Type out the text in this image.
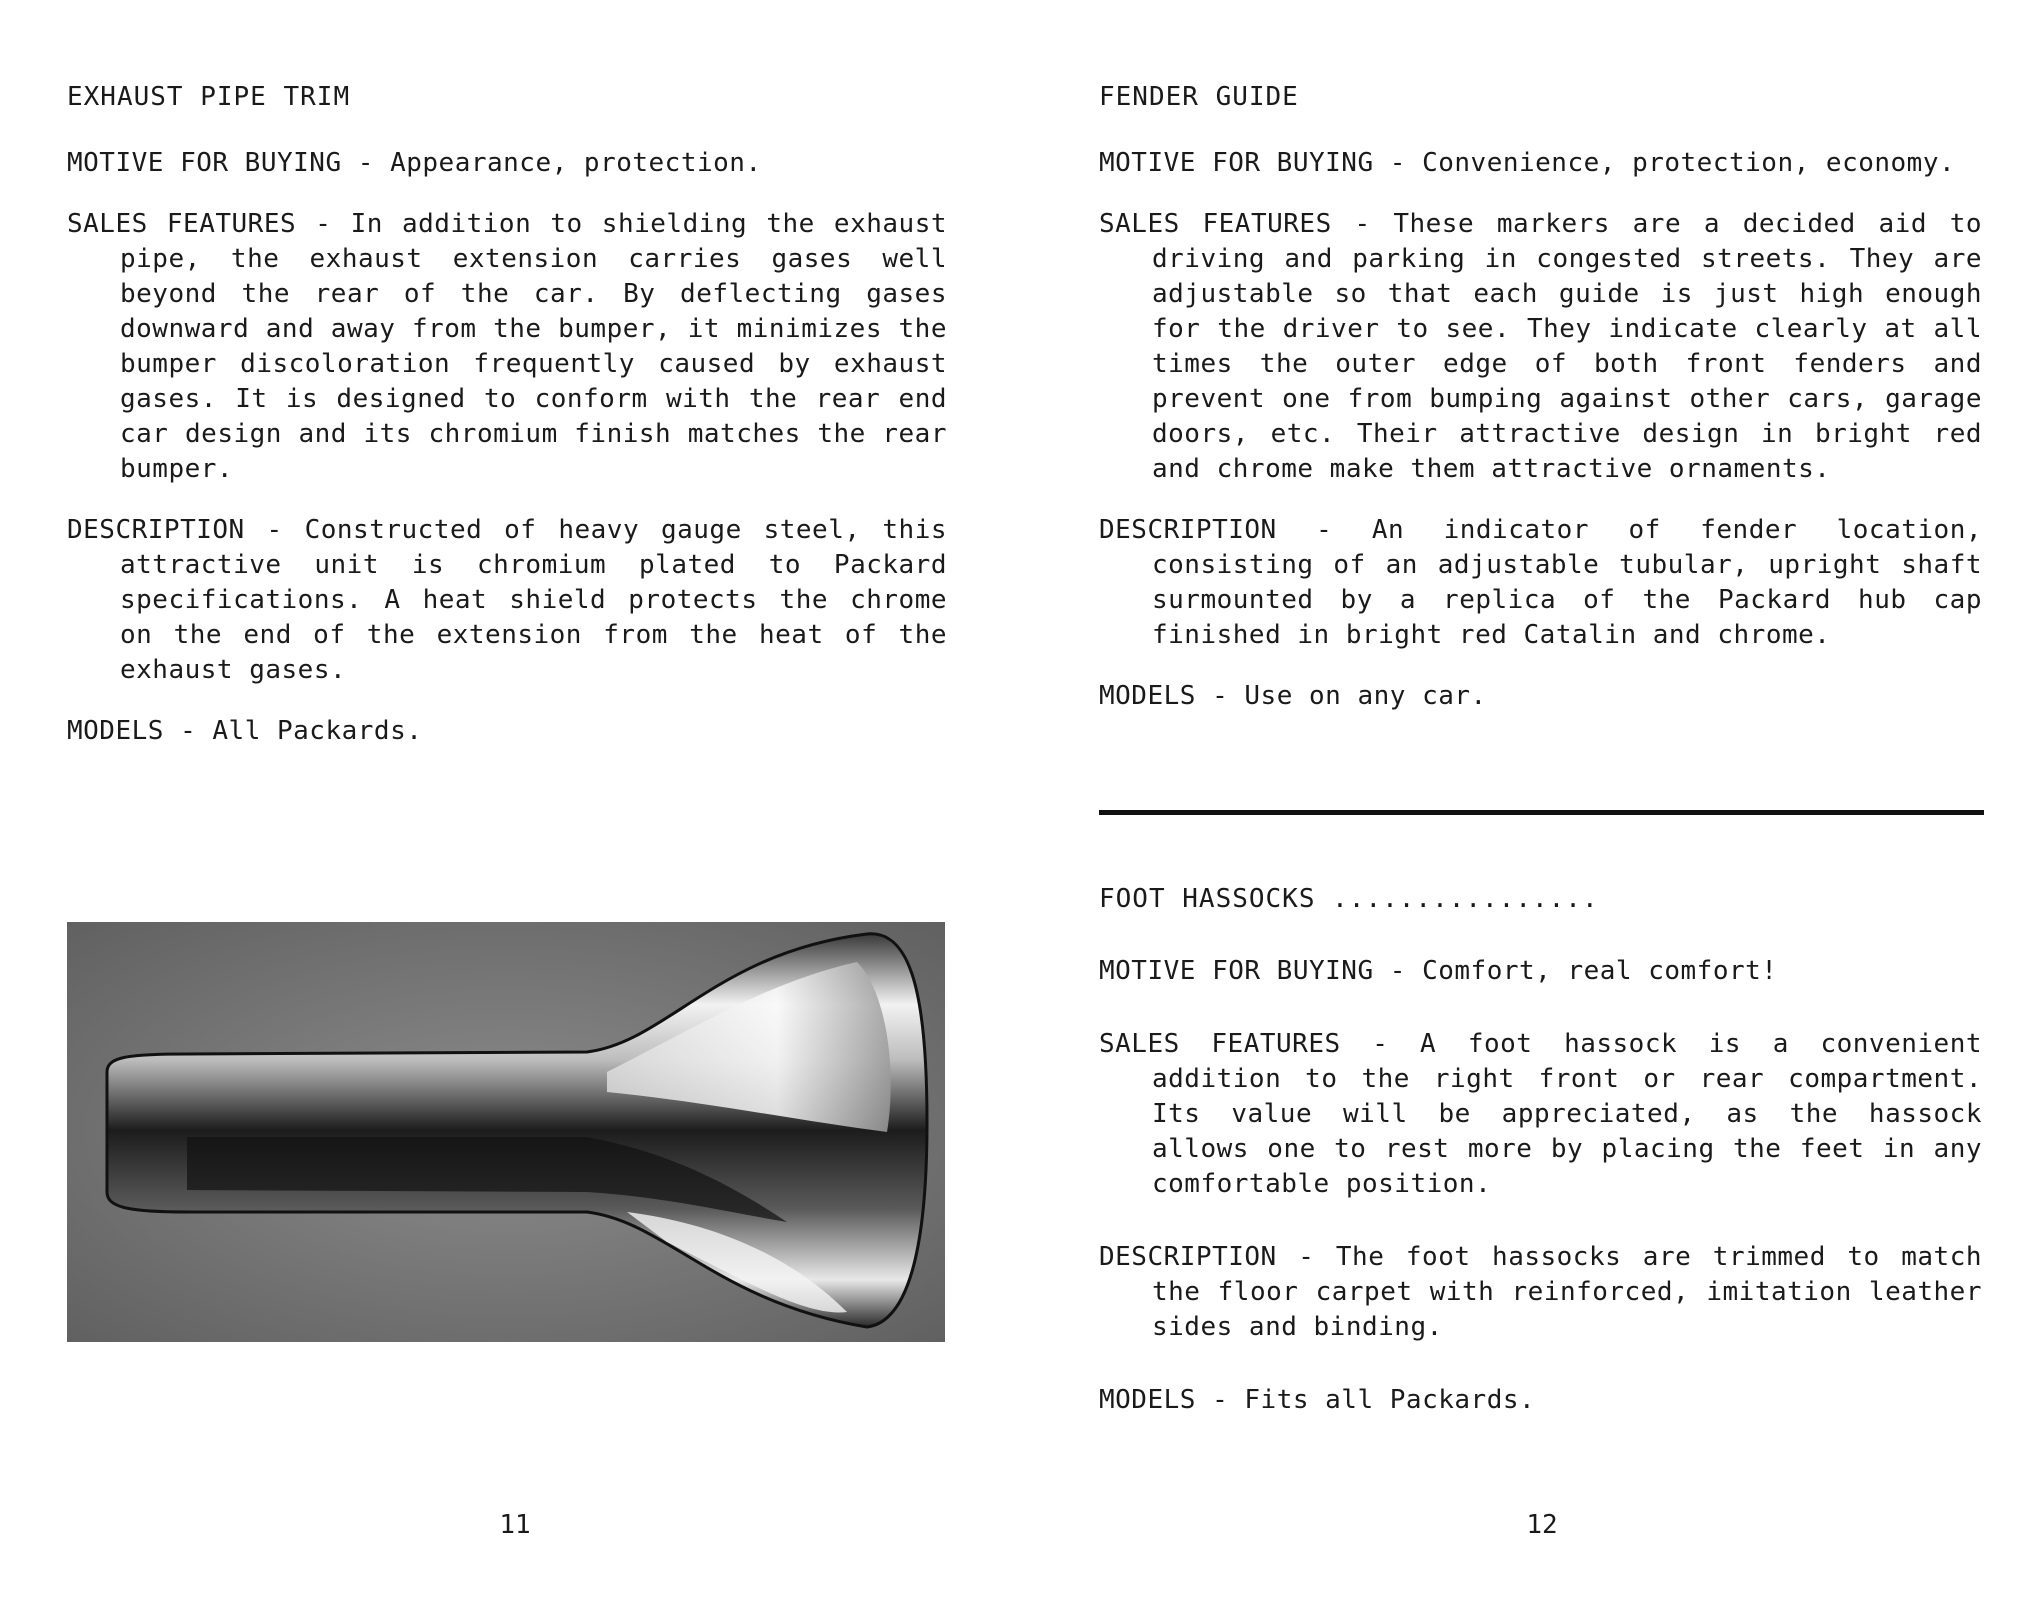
EXHAUST PIPE TRIM

MOTIVE FOR BUYING - Appearance, protection.

SALES FEATURES - In addition to shielding the exhaust pipe, the exhaust extension carries gases well beyond the rear of the car. By deflecting gases downward and away from the bumper, it minimizes the bumper discoloration frequently caused by exhaust gases. It is designed to conform with the rear end car design and its chromium finish matches the rear bumper.

DESCRIPTION - Constructed of heavy gauge steel, this attractive unit is chromium plated to Packard specifications. A heat shield protects the chrome on the end of the extension from the heat of the exhaust gases.

MODELS - All Packards.

11

FENDER GUIDE

MOTIVE FOR BUYING - Convenience, protection, economy.

SALES FEATURES - These markers are a decided aid to driving and parking in congested streets. They are adjustable so that each guide is just high enough for the driver to see. They indicate clearly at all times the outer edge of both front fenders and prevent one from bumping against other cars, garage doors, etc. Their attractive design in bright red and chrome make them attractive ornaments.

DESCRIPTION - An indicator of fender location, consisting of an adjustable tubular, upright shaft surmounted by a replica of the Packard hub cap finished in bright red Catalin and chrome.

MODELS - Use on any car.

FOOT HASSOCKS ................

MOTIVE FOR BUYING - Comfort, real comfort!

SALES FEATURES - A foot hassock is a convenient addition to the right front or rear compartment. Its value will be appreciated, as the hassock allows one to rest more by placing the feet in any comfortable position.

DESCRIPTION - The foot hassocks are trimmed to match the floor carpet with reinforced, imitation leather sides and binding.

MODELS - Fits all Packards.

12
